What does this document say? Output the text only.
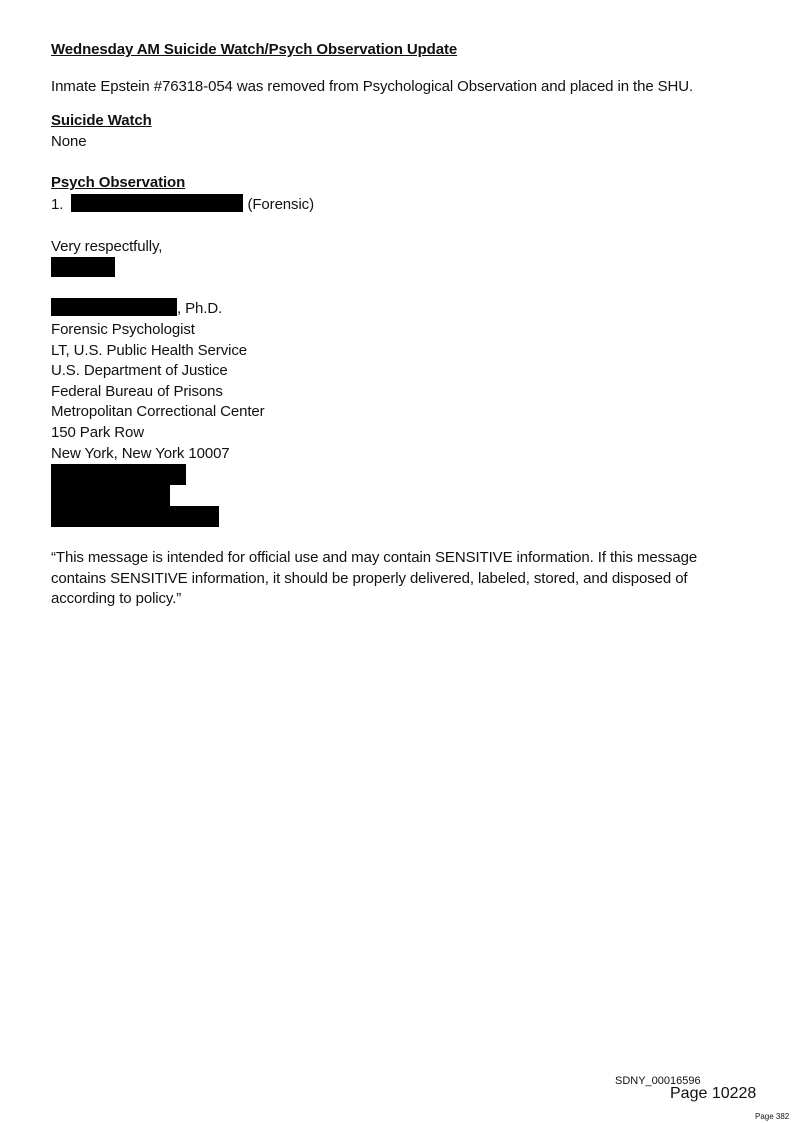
Wednesday AM Suicide Watch/Psych Observation Update
Inmate Epstein #76318-054 was removed from Psychological Observation and placed in the SHU.
Suicide Watch
None
Psych Observation
1.	(Forensic)
Very respectfully,
, Ph.D.
Forensic Psychologist
LT, U.S. Public Health Service
U.S. Department of Justice
Federal Bureau of Prisons
Metropolitan Correctional Center
150 Park Row
New York, New York 10007
“This message is intended for official use and may contain SENSITIVE information. If this message contains SENSITIVE information, it should be properly delivered, labeled, stored, and disposed of according to policy.”
SDNY_00016596
Page 10228
Page 382
